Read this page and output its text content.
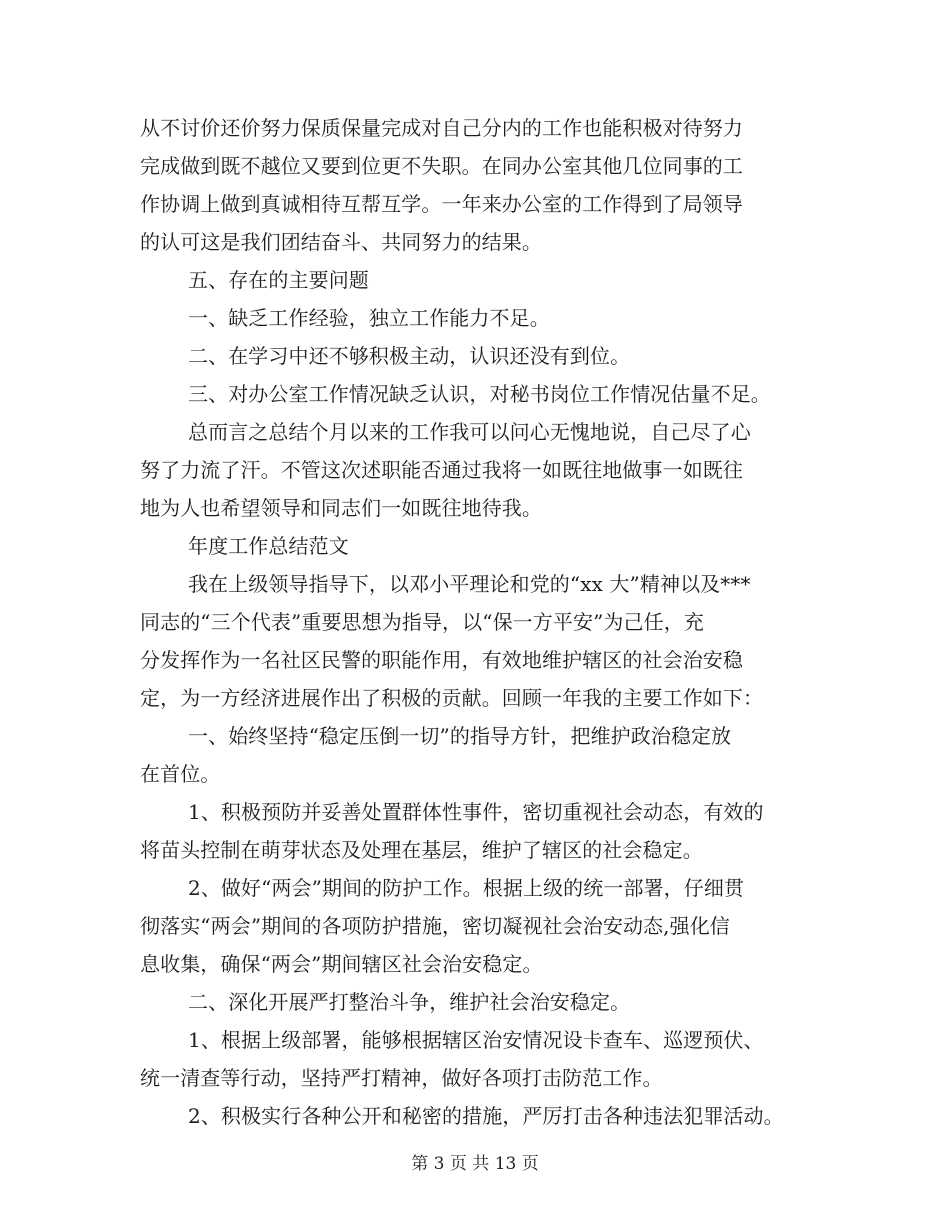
从不讨价还价努力保质保量完成对自己分内的工作也能积极对待努力
完成做到既不越位又要到位更不失职。在同办公室其他几位同事的工
作协调上做到真诚相待互帮互学。一年来办公室的工作得到了局领导
的认可这是我们团结奋斗、共同努力的结果。
五、存在的主要问题
一、缺乏工作经验，独立工作能力不足。
二、在学习中还不够积极主动，认识还没有到位。
三、对办公室工作情况缺乏认识，对秘书岗位工作情况估量不足。
总而言之总结个月以来的工作我可以问心无愧地说，自己尽了心
努了力流了汗。不管这次述职能否通过我将一如既往地做事一如既往
地为人也希望领导和同志们一如既往地待我。
年度工作总结范文
我在上级领导指导下，以邓小平理论和党的“xx 大”精神以及***
同志的“三个代表”重要思想为指导，以“保一方平安”为己任，充
分发挥作为一名社区民警的职能作用，有效地维护辖区的社会治安稳
定，为一方经济进展作出了积极的贡献。回顾一年我的主要工作如下：
一、始终坚持“稳定压倒一切”的指导方针，把维护政治稳定放
在首位。
1、积极预防并妥善处置群体性事件，密切重视社会动态，有效的
将苗头控制在萌芽状态及处理在基层，维护了辖区的社会稳定。
2、做好“两会”期间的防护工作。根据上级的统一部署，仔细贯
彻落实“两会”期间的各项防护措施，密切凝视社会治安动态,强化信
息收集，确保“两会”期间辖区社会治安稳定。
二、深化开展严打整治斗争，维护社会治安稳定。
1、根据上级部署，能够根据辖区治安情况设卡查车、巡逻预伏、
统一清查等行动，坚持严打精神，做好各项打击防范工作。
2、积极实行各种公开和秘密的措施，严厉打击各种违法犯罪活动。
第 3 页 共 13 页
